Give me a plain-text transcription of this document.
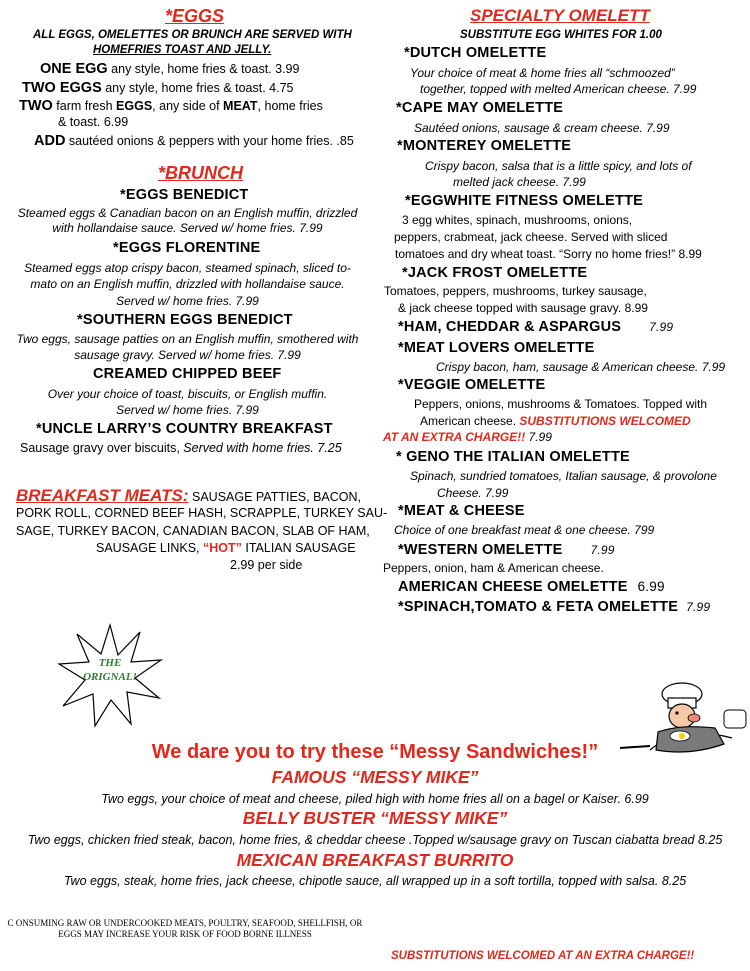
*EGGS
ALL EGGS, OMELETTES OR BRUNCH ARE SERVED WITH
HOMEFRIES TOAST AND JELLY.
ONE EGG any style, home fries & toast. 3.99
TWO EGGS any style, home fries & toast. 4.75
TWO farm fresh EGGS, any side of MEAT, home fries
& toast. 6.99
ADD sautéed onions & peppers with your home fries. .85
*BRUNCH
*EGGS BENEDICT
Steamed eggs & Canadian bacon on an English muffin, drizzled
with hollandaise sauce. Served w/ home fries. 7.99
*EGGS FLORENTINE
Steamed eggs atop crispy bacon, steamed spinach, sliced to-
mato on an English muffin, drizzled with hollandaise sauce.
Served w/ home fries. 7.99
*SOUTHERN EGGS BENEDICT
Two eggs, sausage patties on an English muffin, smothered with
sausage gravy. Served w/ home fries. 7.99
CREAMED CHIPPED BEEF
Over your choice of toast, biscuits, or English muffin.
Served w/ home fries. 7.99
*UNCLE LARRY’S COUNTRY BREAKFAST
Sausage gravy over biscuits, Served with home fries. 7.25
BREAKFAST MEATS: SAUSAGE PATTIES, BACON,
PORK ROLL, CORNED BEEF HASH, SCRAPPLE, TURKEY SAU-
SAGE, TURKEY BACON, CANADIAN BACON, SLAB OF HAM,
SAUSAGE LINKS, “HOT” ITALIAN SAUSAGE
2.99 per side
THE
ORIGNAL!
SPECIALTY OMELETT
SUBSTITUTE EGG WHITES FOR 1.00
*DUTCH OMELETTE
Your choice of meat & home fries all “schmoozed”
together, topped with melted American cheese. 7.99
*CAPE MAY OMELETTE
Sautéed onions, sausage & cream cheese. 7.99
*MONTEREY OMELETTE
Crispy bacon, salsa that is a little spicy, and lots of
melted jack cheese. 7.99
*EGGWHITE FITNESS OMELETTE
3 egg whites, spinach, mushrooms, onions,
peppers, crabmeat, jack cheese. Served with sliced
tomatoes and dry wheat toast. “Sorry no home fries!” 8.99
*JACK FROST OMELETTE
Tomatoes, peppers, mushrooms, turkey sausage,
& jack cheese topped with sausage gravy. 8.99
*HAM, CHEDDAR & ASPARGUS 7.99
*MEAT LOVERS OMELETTE
Crispy bacon, ham, sausage & American cheese. 7.99
*VEGGIE OMELETTE
Peppers, onions, mushrooms & Tomatoes. Topped with
American cheese. SUBSTITUTIONS WELCOMED
AT AN EXTRA CHARGE!! 7.99
* GENO THE ITALIAN OMELETTE
Spinach, sundried tomatoes, Italian sausage, & provolone
Cheese. 7.99
*MEAT & CHEESE
Choice of one breakfast meat & one cheese. 799
*WESTERN OMELETTE 7.99
Peppers, onion, ham & American cheese.
AMERICAN CHEESE OMELETTE 6.99
*SPINACH,TOMATO & FETA OMELETTE 7.99
We dare you to try these “Messy Sandwiches!”
FAMOUS “MESSY MIKE”
Two eggs, your choice of meat and cheese, piled high with home fries all on a bagel or Kaiser. 6.99
BELLY BUSTER “MESSY MIKE”
Two eggs, chicken fried steak, bacon, home fries, & cheddar cheese .Topped w/sausage gravy on Tuscan ciabatta bread 8.25
MEXICAN BREAKFAST BURRITO
Two eggs, steak, home fries, jack cheese, chipotle sauce, all wrapped up in a soft tortilla, topped with salsa. 8.25
C ONSUMING RAW OR UNDERCOOKED MEATS, POULTRY, SEAFOOD, SHELLFISH, OR
EGGS MAY INCREASE YOUR RISK OF FOOD BORNE ILLNESS
SUBSTITUTIONS WELCOMED AT AN EXTRA CHARGE!!
